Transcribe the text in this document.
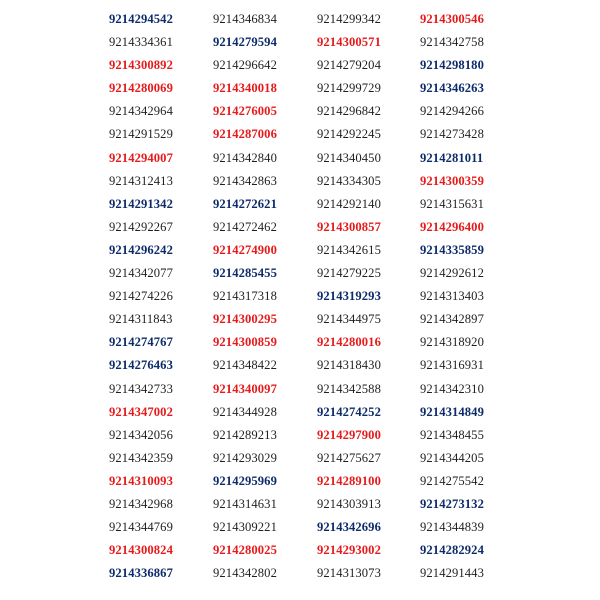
9214294542
9214334361
9214300892
9214280069
9214342964
9214291529
9214294007
9214312413
9214291342
9214292267
9214296242
9214342077
9214274226
9214311843
9214274767
9214276463
9214342733
9214347002
9214342056
9214342359
9214310093
9214342968
9214344769
9214300824
9214336867
9214346834
9214279594
9214296642
9214340018
9214276005
9214287006
9214342840
9214342863
9214272621
9214272462
9214274900
9214285455
9214317318
9214300295
9214300859
9214348422
9214340097
9214344928
9214289213
9214293029
9214295969
9214314631
9214309221
9214280025
9214342802
9214299342
9214300571
9214279204
9214299729
9214296842
9214292245
9214340450
9214334305
9214292140
9214300857
9214342615
9214279225
9214319293
9214344975
9214280016
9214318430
9214342588
9214274252
9214297900
9214275627
9214289100
9214303913
9214342696
9214293002
9214313073
9214300546
9214342758
9214298180
9214346263
9214294266
9214273428
9214281011
9214300359
9214315631
9214296400
9214335859
9214292612
9214313403
9214342897
9214318920
9214316931
9214342310
9214314849
9214348455
9214344205
9214275542
9214273132
9214344839
9214282924
9214291443
